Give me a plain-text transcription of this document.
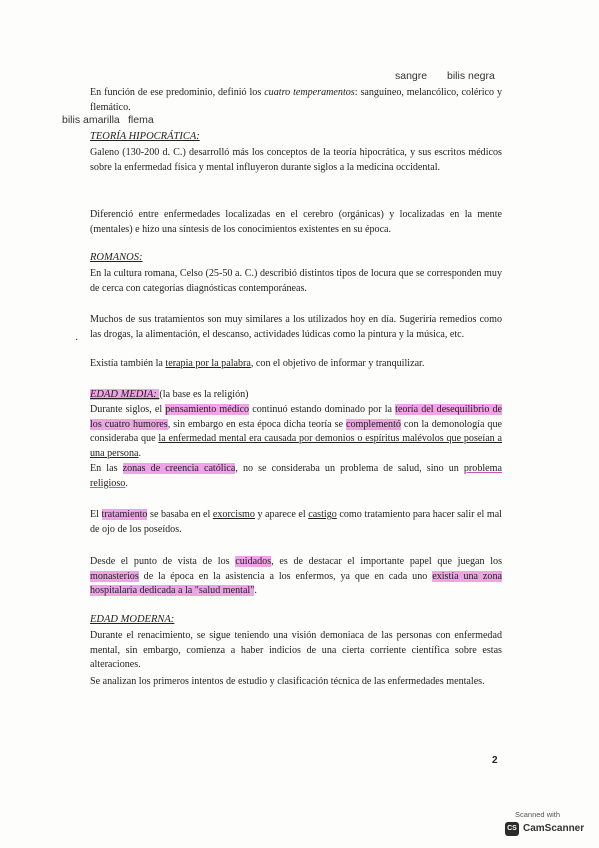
sangre bilis negra
En función de ese predominio, definió los cuatro temperamentos: sanguíneo, melancólico, colérico y flemático.
bilis amarilla flema
TEORÍA HIPOCRÁTICA:
Galeno (130-200 d. C.) desarrolló más los conceptos de la teoría hipocrática, y sus escritos médicos sobre la enfermedad física y mental influyeron durante siglos a la medicina occidental.
Diferenció entre enfermedades localizadas en el cerebro (orgánicas) y localizadas en la mente (mentales) e hizo una síntesis de los conocimientos existentes en su época.
ROMANOS:
En la cultura romana, Celso (25-50 a. C.) describió distintos tipos de locura que se corresponden muy de cerca con categorías diagnósticas contemporáneas.
Muchos de sus tratamientos son muy similares a los utilizados hoy en día. Sugeriría remedios como las drogas, la alimentación, el descanso, actividades lúdicas como la pintura y la música, etc.
·
Existía también la terapia por la palabra, con el objetivo de informar y tranquilizar.
EDAD MEDIA: (la base es la religión)
Durante siglos, el pensamiento médico continuó estando dominado por la teoría del desequilibrio de los cuatro humores, sin embargo en esta época dicha teoría se complementó con la demonología que consideraba que la enfermedad mental era causada por demonios o espíritus malévolos que poseían a una persona.
En las zonas de creencia católica, no se consideraba un problema de salud, sino un problema religioso.
El tratamiento se basaba en el exorcismo y aparece el castigo como tratamiento para hacer salir el mal de ojo de los poseídos.
Desde el punto de vista de los cuidados, es de destacar el importante papel que juegan los monasterios de la época en la asistencia a los enfermos, ya que en cada uno existía una zona hospitalaria dedicada a la "salud mental".
EDAD MODERNA:
Durante el renacimiento, se sigue teniendo una visión demoniaca de las personas con enfermedad mental, sin embargo, comienza a haber indicios de una cierta corriente científica sobre estas alteraciones.
Se analizan los primeros intentos de estudio y clasificación técnica de las enfermedades mentales.
2
Scanned with
CS CamScanner
